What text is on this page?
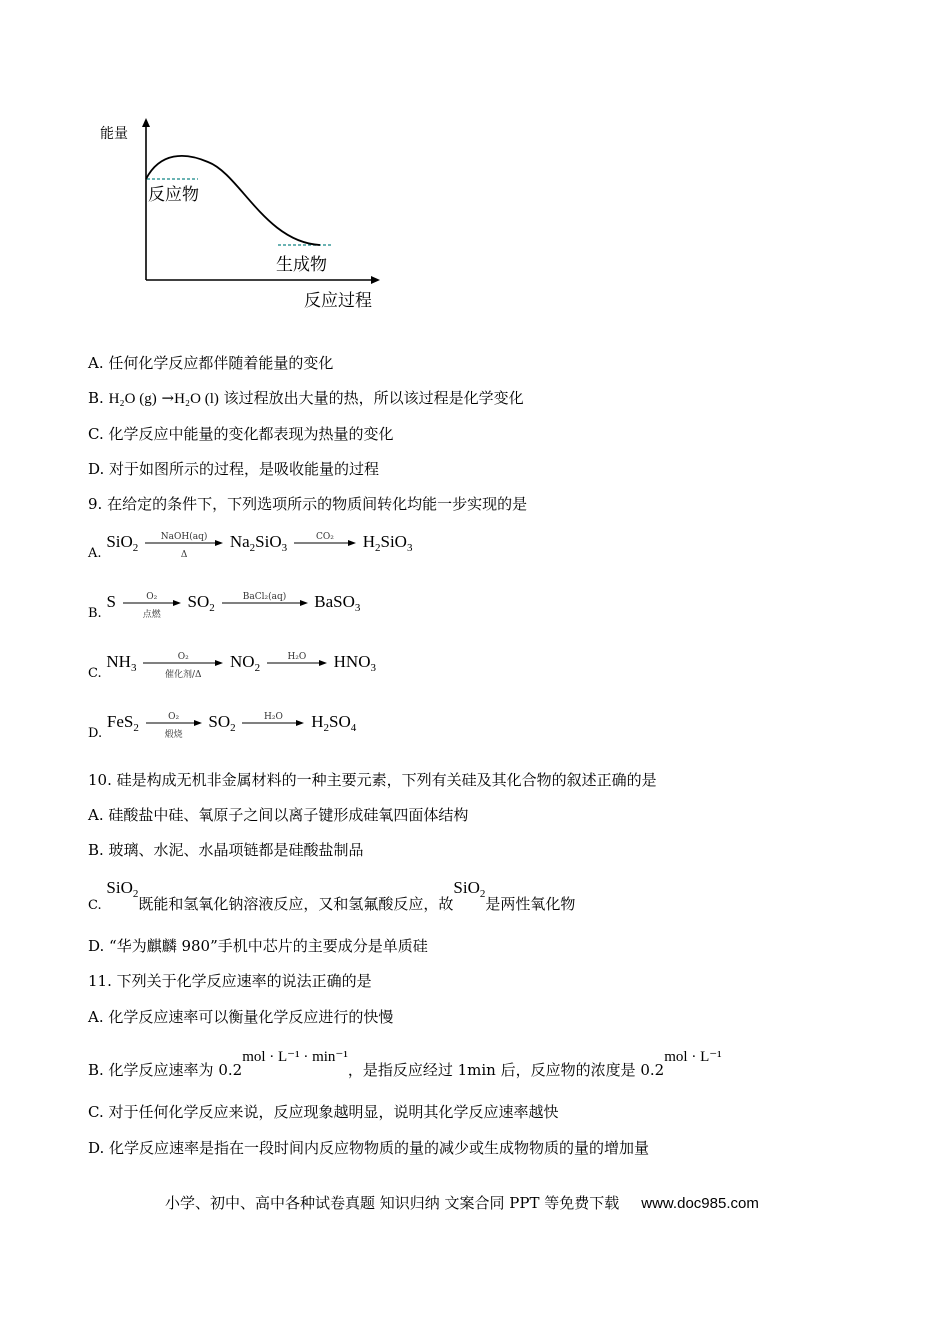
能量
反应物
生成物
反应过程
A. 任何化学反应都伴随着能量的变化
B. H₂O (g) →H₂O (l) 该过程放出大量的热，所以该过程是化学变化
C. 化学反应中能量的变化都表现为热量的变化
D. 对于如图所示的过程，是吸收能量的过程
9. 在给定的条件下，下列选项所示的物质间转化均能一步实现的是
A. SiO$_2$
NaOH(aq)
Δ
$Na_2SiO_3$
CO₂	$H_2SiO_3$
B. S	O₂
点燃
$SO_2$
BaCl₂(aq)	BaSO$_3$
C. $NH_3$
O₂
催化剂/Δ
$NO_2$
H₂O	$HNO_3$
D. FeS$_2$
O₂
煅烧
$SO_2$
H₂O	$H_2SO_4$
10. 硅是构成无机非金属材料的一种主要元素，下列有关硅及其化合物的叙述正确的是
A. 硅酸盐中硅、氧原子之间以离子键形成硅氧四面体结构
B. 玻璃、水泥、水晶项链都是硅酸盐制品
C. SiO$_2$既能和氢氧化钠溶液反应，又和氢氟酸反应，故SiO$_2$是两性氧化物
D. “华为麒麟 980”手机中芯片的主要成分是单质硅
11. 下列关于化学反应速率的说法正确的是
A. 化学反应速率可以衡量化学反应进行的快慢
B. 化学反应速率为 0.2mol · L⁻¹ · min⁻¹，是指反应经过 1min 后，反应物的浓度是 0.2mol · L⁻¹
C. 对于任何化学反应来说，反应现象越明显，说明其化学反应速率越快
D. 化学反应速率是指在一段时间内反应物物质的量的减少或生成物物质的量的增加量
小学、初中、高中各种试卷真题 知识归纳 文案合同 PPT 等免费下载 www.doc985.com
